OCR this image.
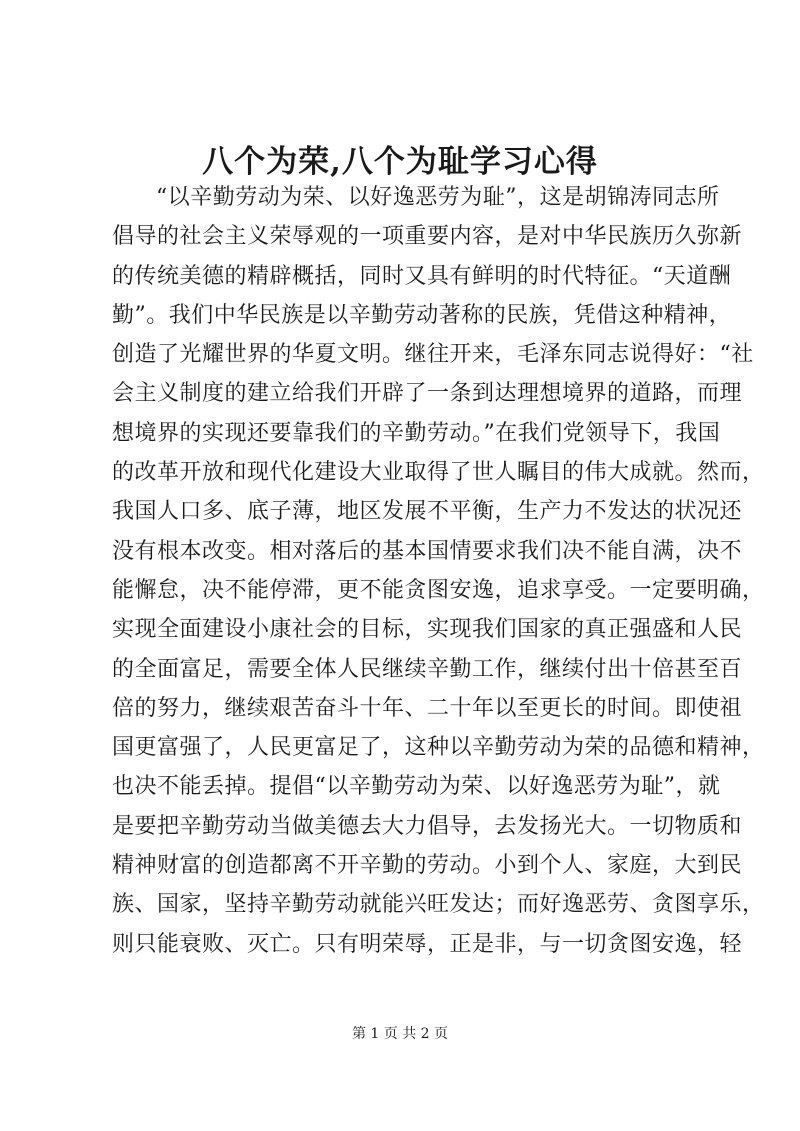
八个为荣,八个为耻学习心得
“以辛勤劳动为荣、以好逸恶劳为耻”，这是胡锦涛同志所
倡导的社会主义荣辱观的一项重要内容，是对中华民族历久弥新
的传统美德的精辟概括，同时又具有鲜明的时代特征。“天道酬
勤”。我们中华民族是以辛勤劳动著称的民族，凭借这种精神，
创造了光耀世界的华夏文明。继往开来，毛泽东同志说得好：“社
会主义制度的建立给我们开辟了一条到达理想境界的道路，而理
想境界的实现还要靠我们的辛勤劳动。”在我们党领导下，我国
的改革开放和现代化建设大业取得了世人瞩目的伟大成就。然而，
我国人口多、底子薄，地区发展不平衡，生产力不发达的状况还
没有根本改变。相对落后的基本国情要求我们决不能自满，决不
能懈怠，决不能停滞，更不能贪图安逸，追求享受。一定要明确，
实现全面建设小康社会的目标，实现我们国家的真正强盛和人民
的全面富足，需要全体人民继续辛勤工作，继续付出十倍甚至百
倍的努力，继续艰苦奋斗十年、二十年以至更长的时间。即使祖
国更富强了，人民更富足了，这种以辛勤劳动为荣的品德和精神，
也决不能丢掉。提倡“以辛勤劳动为荣、以好逸恶劳为耻”，就
是要把辛勤劳动当做美德去大力倡导，去发扬光大。一切物质和
精神财富的创造都离不开辛勤的劳动。小到个人、家庭，大到民
族、国家，坚持辛勤劳动就能兴旺发达；而好逸恶劳、贪图享乐，
则只能衰败、灭亡。只有明荣辱，正是非，与一切贪图安逸，轻
第 1 页 共 2 页
